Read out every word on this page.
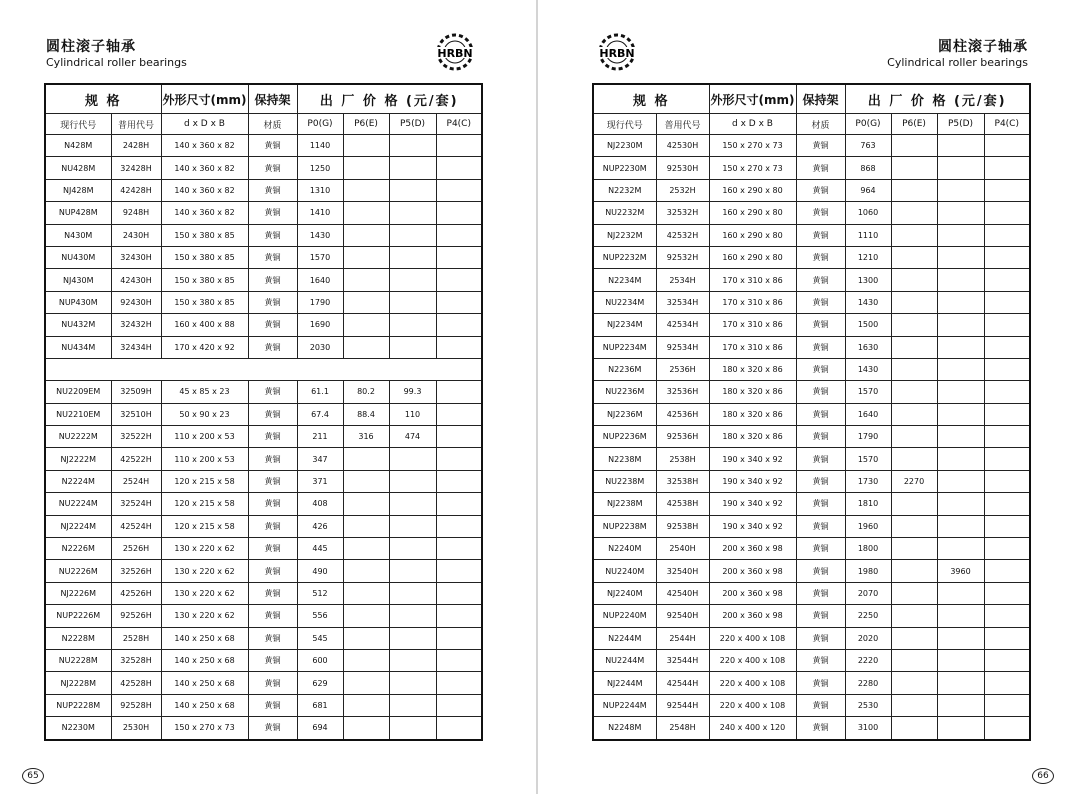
圆柱滚子轴承
Cylindrical roller bearings
HRBN
规 格		外形尺寸(mm)	保持架	出 厂 价 格 (元/套)			
现行代号	普用代号	d x D x B	材质	P0(G)	P6(E)	P5(D)	P4(C)
N428M	2428H	140 x 360 x 82	黄铜	1140			
NU428M	32428H	140 x 360 x 82	黄铜	1250			
NJ428M	42428H	140 x 360 x 82	黄铜	1310			
NUP428M	9248H	140 x 360 x 82	黄铜	1410			
N430M	2430H	150 x 380 x 85	黄铜	1430			
NU430M	32430H	150 x 380 x 85	黄铜	1570			
NJ430M	42430H	150 x 380 x 85	黄铜	1640			
NUP430M	92430H	150 x 380 x 85	黄铜	1790			
NU432M	32432H	160 x 400 x 88	黄铜	1690			
NU434M	32434H	170 x 420 x 92	黄铜	2030			

NU2209EM	32509H	45 x 85 x 23	黄铜	61.1	80.2	99.3	
NU2210EM	32510H	50 x 90 x 23	黄铜	67.4	88.4	110	
NU2222M	32522H	110 x 200 x 53	黄铜	211	316	474	
NJ2222M	42522H	110 x 200 x 53	黄铜	347			
N2224M	2524H	120 x 215 x 58	黄铜	371			
NU2224M	32524H	120 x 215 x 58	黄铜	408			
NJ2224M	42524H	120 x 215 x 58	黄铜	426			
N2226M	2526H	130 x 220 x 62	黄铜	445			
NU2226M	32526H	130 x 220 x 62	黄铜	490			
NJ2226M	42526H	130 x 220 x 62	黄铜	512			
NUP2226M	92526H	130 x 220 x 62	黄铜	556			
N2228M	2528H	140 x 250 x 68	黄铜	545			
NU2228M	32528H	140 x 250 x 68	黄铜	600			
NJ2228M	42528H	140 x 250 x 68	黄铜	629			
NUP2228M	92528H	140 x 250 x 68	黄铜	681			
N2230M	2530H	150 x 270 x 73	黄铜	694			
65
HRBN	圆柱滚子轴承
Cylindrical roller bearings
规 格		外形尺寸(mm)	保持架	出 厂 价 格 (元/套)			
现行代号	普用代号	d x D x B	材质	P0(G)	P6(E)	P5(D)	P4(C)
NJ2230M	42530H	150 x 270 x 73	黄铜	763			
NUP2230M	92530H	150 x 270 x 73	黄铜	868			
N2232M	2532H	160 x 290 x 80	黄铜	964			
NU2232M	32532H	160 x 290 x 80	黄铜	1060			
NJ2232M	42532H	160 x 290 x 80	黄铜	1110			
NUP2232M	92532H	160 x 290 x 80	黄铜	1210			
N2234M	2534H	170 x 310 x 86	黄铜	1300			
NU2234M	32534H	170 x 310 x 86	黄铜	1430			
NJ2234M	42534H	170 x 310 x 86	黄铜	1500			
NUP2234M	92534H	170 x 310 x 86	黄铜	1630			
N2236M	2536H	180 x 320 x 86	黄铜	1430			
NU2236M	32536H	180 x 320 x 86	黄铜	1570			
NJ2236M	42536H	180 x 320 x 86	黄铜	1640			
NUP2236M	92536H	180 x 320 x 86	黄铜	1790			
N2238M	2538H	190 x 340 x 92	黄铜	1570			
NU2238M	32538H	190 x 340 x 92	黄铜	1730	2270		
NJ2238M	42538H	190 x 340 x 92	黄铜	1810			
NUP2238M	92538H	190 x 340 x 92	黄铜	1960			
N2240M	2540H	200 x 360 x 98	黄铜	1800			
NU2240M	32540H	200 x 360 x 98	黄铜	1980		3960	
NJ2240M	42540H	200 x 360 x 98	黄铜	2070			
NUP2240M	92540H	200 x 360 x 98	黄铜	2250			
N2244M	2544H	220 x 400 x 108	黄铜	2020			
NU2244M	32544H	220 x 400 x 108	黄铜	2220			
NJ2244M	42544H	220 x 400 x 108	黄铜	2280			
NUP2244M	92544H	220 x 400 x 108	黄铜	2530			
N2248M	2548H	240 x 400 x 120	黄铜	3100			
66
